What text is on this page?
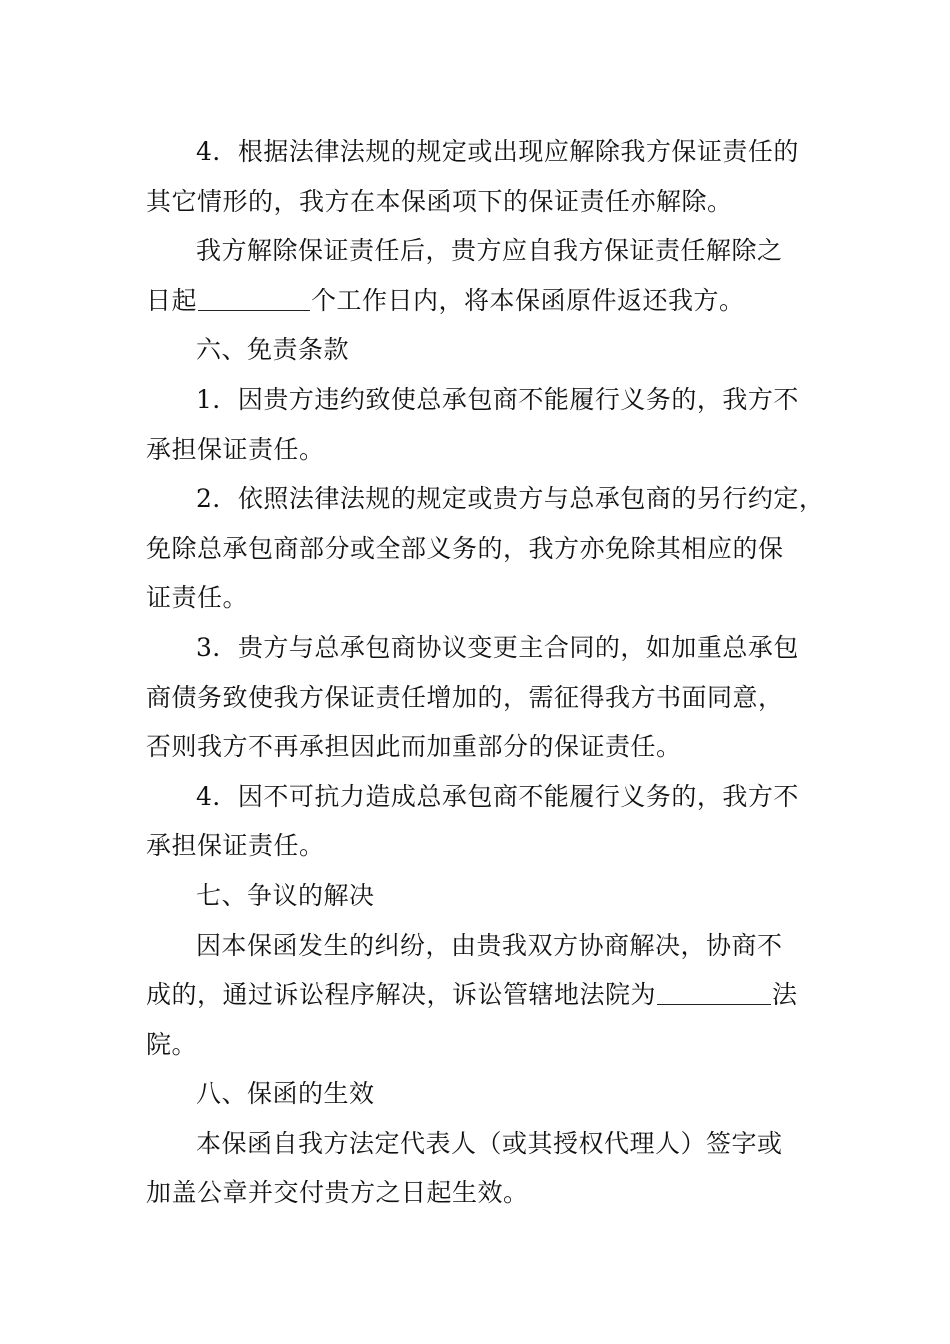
4．根据法律法规的规定或出现应解除我方保证责任的
其它情形的，我方在本保函项下的保证责任亦解除。
我方解除保证责任后，贵方应自我方保证责任解除之
日起	个工作日内，将本保函原件返还我方。
六、免责条款
1．因贵方违约致使总承包商不能履行义务的，我方不
承担保证责任。
2．依照法律法规的规定或贵方与总承包商的另行约定，
免除总承包商部分或全部义务的，我方亦免除其相应的保
证责任。
3．贵方与总承包商协议变更主合同的，如加重总承包
商债务致使我方保证责任增加的，需征得我方书面同意，
否则我方不再承担因此而加重部分的保证责任。
4．因不可抗力造成总承包商不能履行义务的，我方不
承担保证责任。
七、争议的解决
因本保函发生的纠纷，由贵我双方协商解决，协商不
成的，通过诉讼程序解决，诉讼管辖地法院为	法
院。
八、保函的生效
本保函自我方法定代表人（或其授权代理人）签字或
加盖公章并交付贵方之日起生效。
